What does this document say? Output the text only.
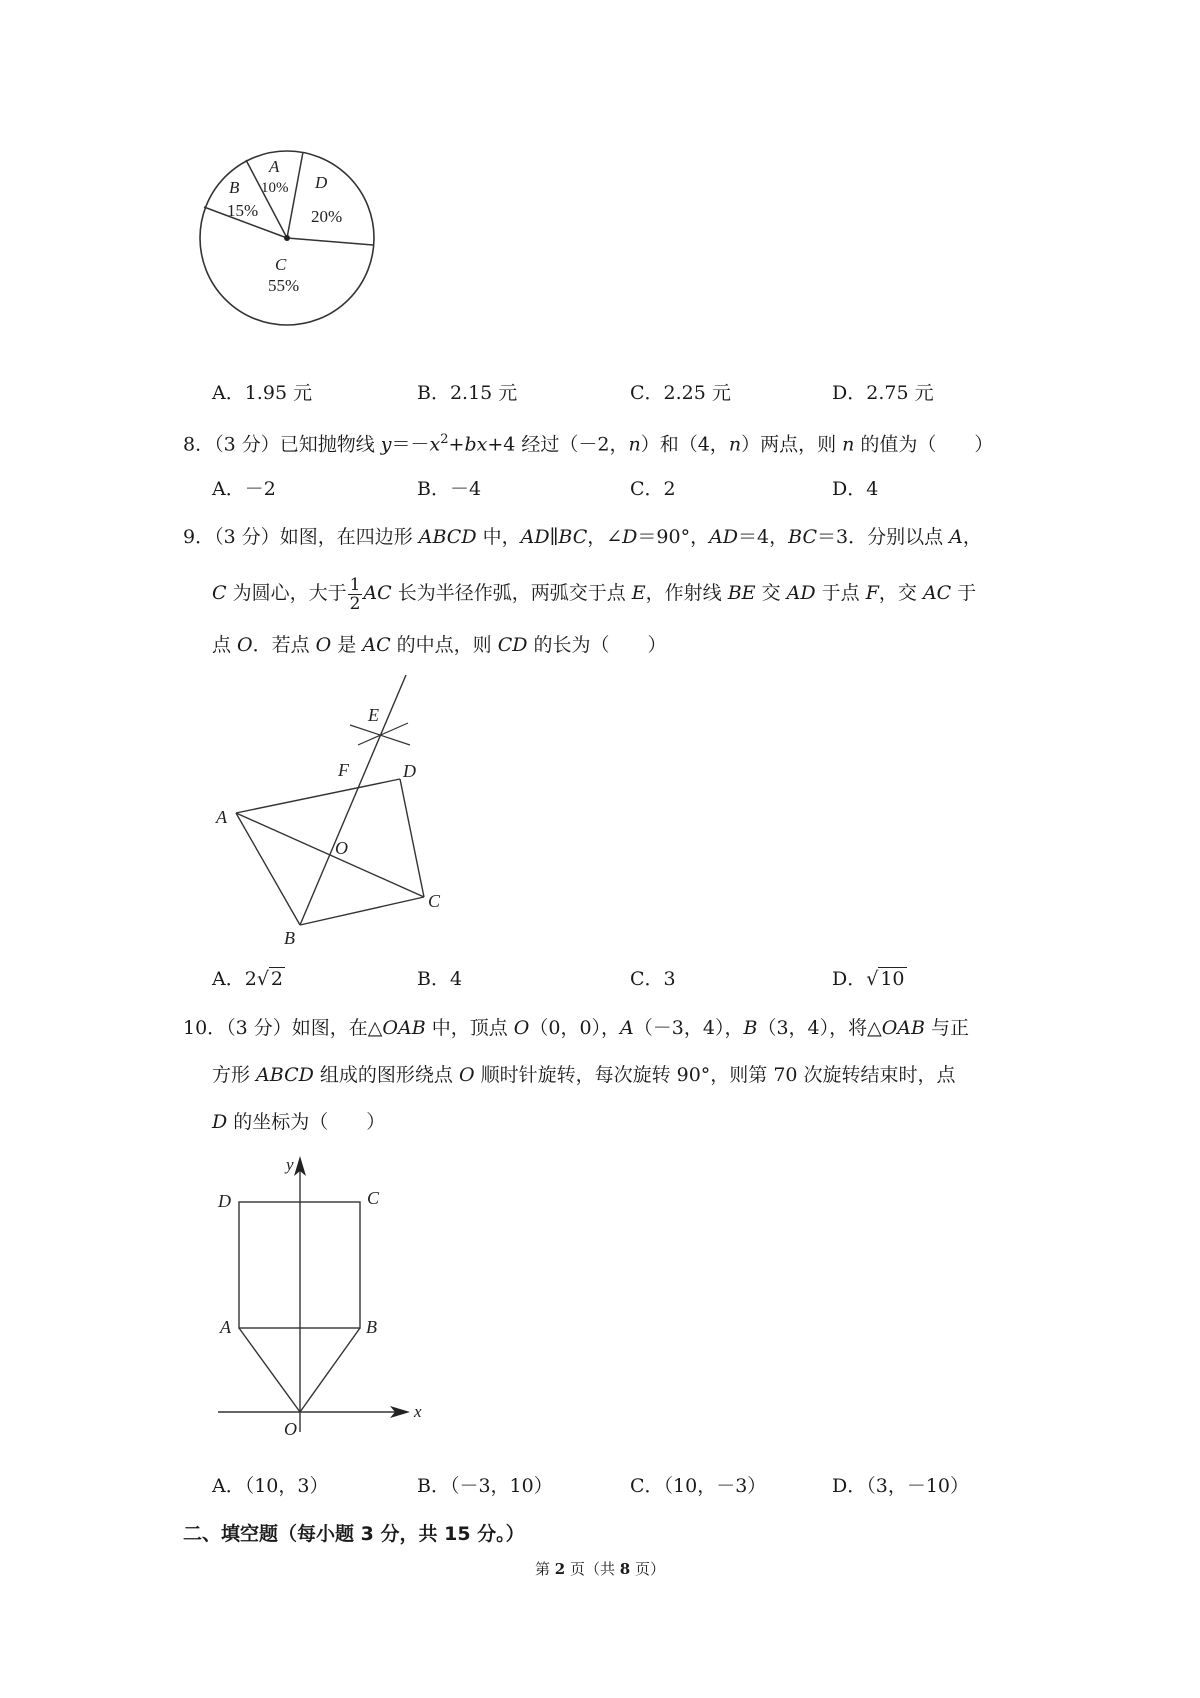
A
10% D
20%
C
55%
B
15%
A．1.95 元	B．2.15 元	C．2.25 元	D．2.75 元
8．（3 分）已知抛物线 $y=-x^2+bx+4$ 经过（－2，n）和（4，n）两点，则 n 的值为（　　）
A．－2	B．－4	C．2	D．4
9．（3 分）如图，在四边形 ABCD 中，AD∥BC，∠D＝90°，AD＝4，BC＝3．分别以点 A，
C 为圆心，大于 $\frac{1}{2}$ AC 长为半径作弧，两弧交于点 E，作射线 BE 交 AD 于点 F，交 AC 于
点 O．若点 O 是 AC 的中点，则 CD 的长为（　　）
E
F	D
A
O
C
B
A．2√ 2	B．4	C．3	D．√ 10
10．（3 分）如图，在△OAB 中，顶点 O（0，0），A（－3，4），B（3，4），将△OAB 与正
方形 ABCD 组成的图形绕点 O 顺时针旋转，每次旋转 90°，则第 70 次旋转结束时，点
D 的坐标为（　　）
y
D	C
A	B
O
x
A．（10，3）	B．（－3，10）	C．（10，－3）	D．（3，－10）
二、填空题（每小题 3 分，共 15 分。）
第 2 页（共 8 页）
